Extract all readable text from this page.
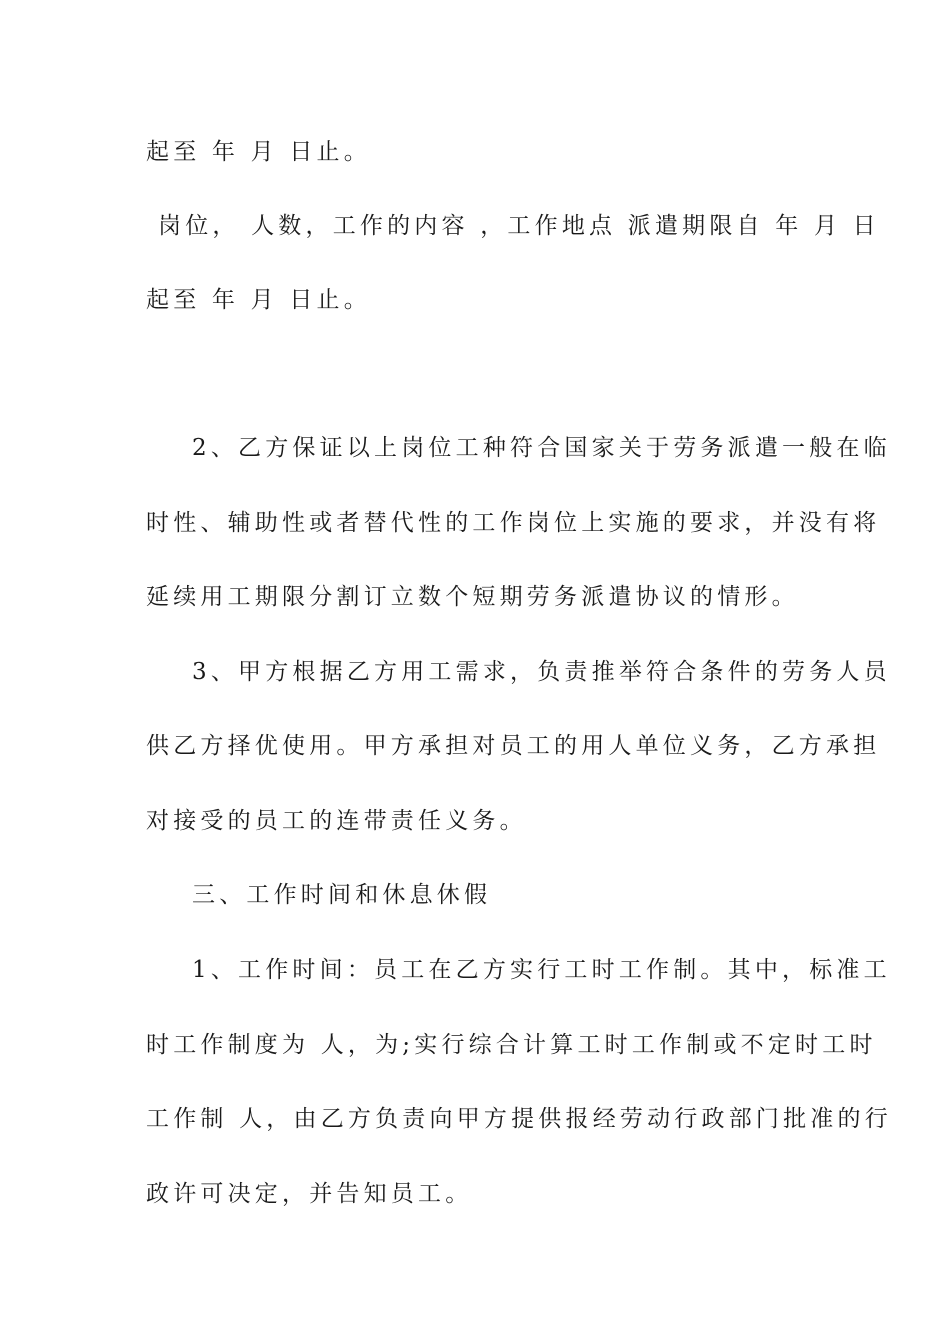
起至 年 月 日止。
岗位， 人数，工作的内容 ，工作地点 派遣期限自 年 月 日
起至 年 月 日止。
2、乙方保证以上岗位工种符合国家关于劳务派遣一般在临
时性、辅助性或者替代性的工作岗位上实施的要求，并没有将
延续用工期限分割订立数个短期劳务派遣协议的情形。
3、甲方根据乙方用工需求，负责推举符合条件的劳务人员
供乙方择优使用。甲方承担对员工的用人单位义务，乙方承担
对接受的员工的连带责任义务。
三、工作时间和休息休假
1、工作时间：员工在乙方实行工时工作制。其中，标准工
时工作制度为 人，为;实行综合计算工时工作制或不定时工时
工作制 人，由乙方负责向甲方提供报经劳动行政部门批准的行
政许可决定，并告知员工。
